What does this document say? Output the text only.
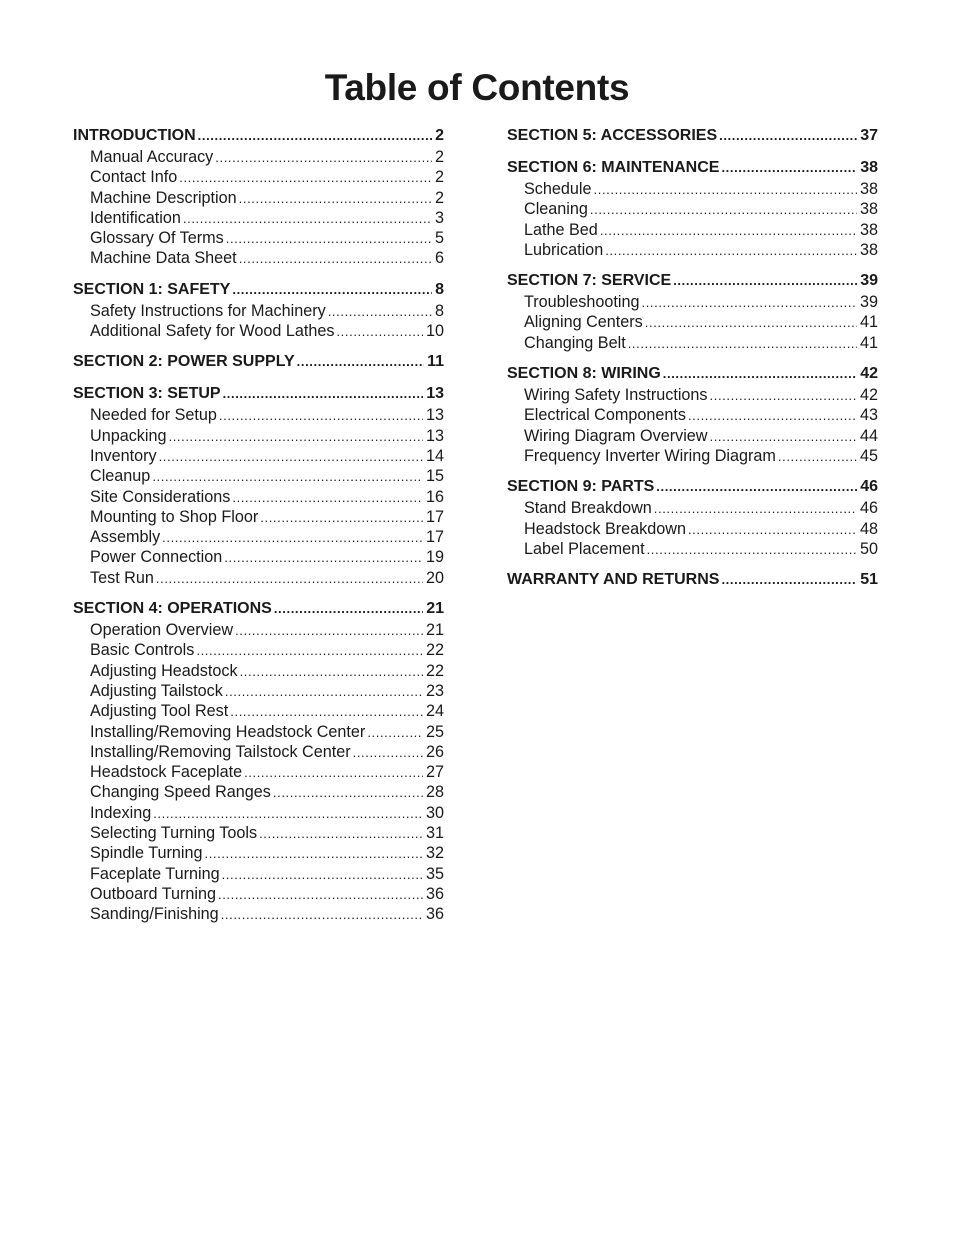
Table of Contents
INTRODUCTION .....	2
Manual Accuracy .....	2
Contact Info .....	2
Machine Description .....	2
Identification .....	3
Glossary Of Terms .....	5
Machine Data Sheet .....	6
SECTION 1: SAFETY .....	8
Safety Instructions for Machinery .....	8
Additional Safety for Wood Lathes .....	10
SECTION 2: POWER SUPPLY .....	11
SECTION 3: SETUP .....	13
Needed for Setup .....	13
Unpacking .....	13
Inventory .....	14
Cleanup .....	15
Site Considerations .....	16
Mounting to Shop Floor .....	17
Assembly .....	17
Power Connection .....	19
Test Run .....	20
SECTION 4: OPERATIONS .....	21
Operation Overview .....	21
Basic Controls .....	22
Adjusting Headstock .....	22
Adjusting Tailstock .....	23
Adjusting Tool Rest .....	24
Installing/Removing Headstock Center .....	25
Installing/Removing Tailstock Center .....	26
Headstock Faceplate .....	27
Changing Speed Ranges .....	28
Indexing .....	30
Selecting Turning Tools .....	31
Spindle Turning .....	32
Faceplate Turning .....	35
Outboard Turning .....	36
Sanding/Finishing .....	36
SECTION 5: ACCESSORIES .....	37
SECTION 6: MAINTENANCE .....	38
Schedule .....	38
Cleaning .....	38
Lathe Bed .....	38
Lubrication .....	38
SECTION 7: SERVICE .....	39
Troubleshooting .....	39
Aligning Centers .....	41
Changing Belt .....	41
SECTION 8: WIRING .....	42
Wiring Safety Instructions .....	42
Electrical Components .....	43
Wiring Diagram Overview .....	44
Frequency Inverter Wiring Diagram .....	45
SECTION 9: PARTS .....	46
Stand Breakdown .....	46
Headstock Breakdown .....	48
Label Placement .....	50
WARRANTY AND RETURNS .....	51
